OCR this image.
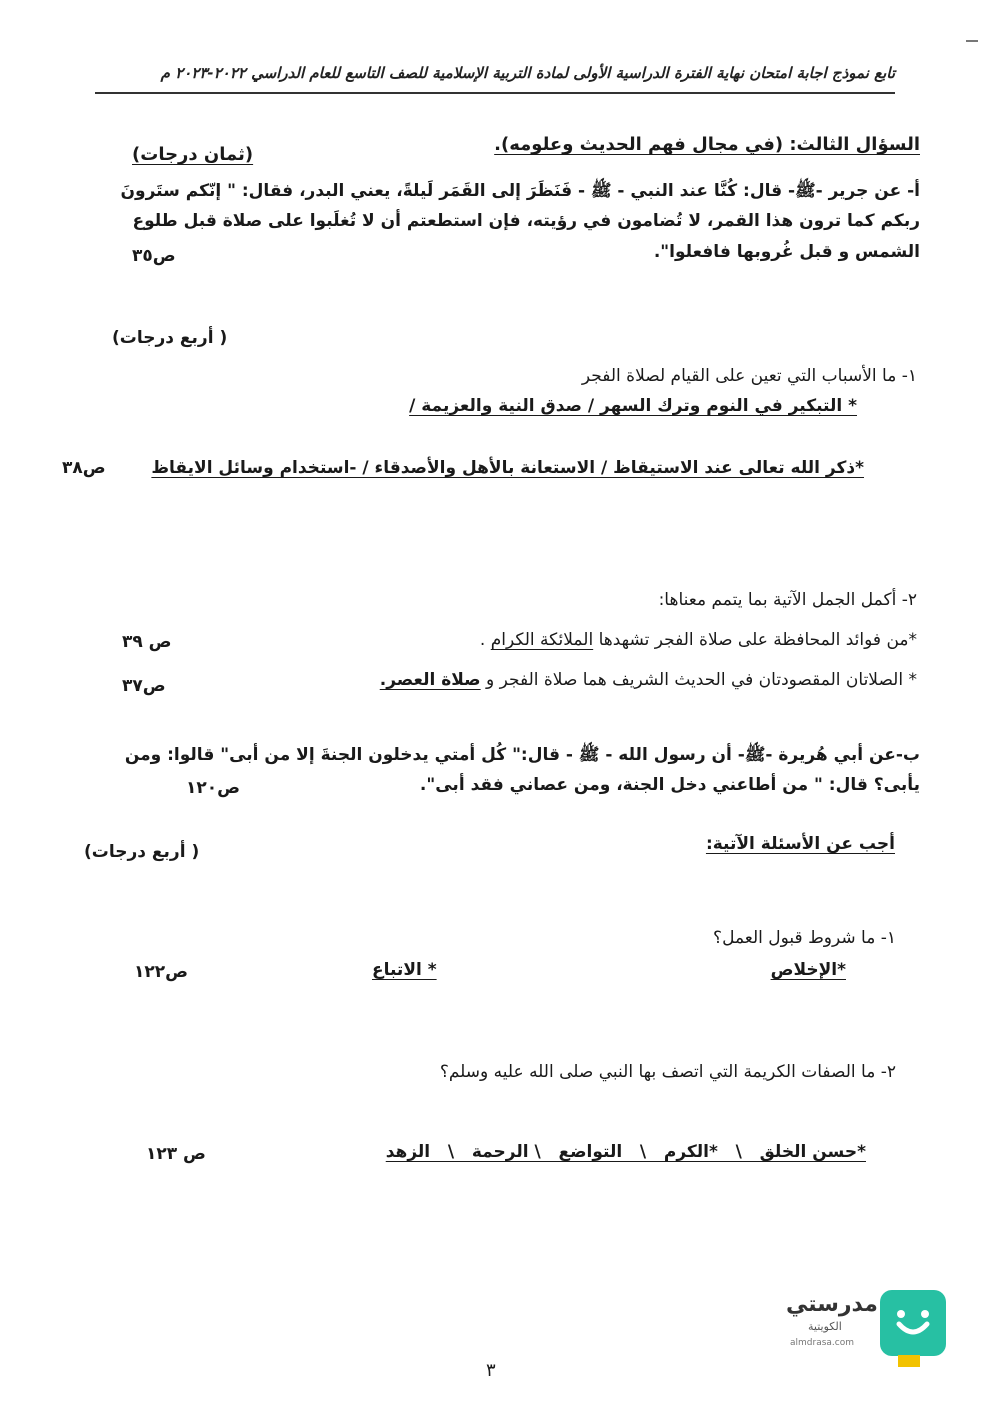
تابع نموذج اجابة امتحان نهاية الفترة الدراسية الأولى لمادة التربية الإسلامية للصف التاسع للعام الدراسي ٢٠٢٢-٢٠٢٣ م
السؤال الثالث: (في مجال فهم الحديث وعلومه).
(ثمان درجات)
أ- عن جرير -ﷺ- قال: كُنَّا عند النبي - ﷺ - فَنَظَرَ إلى القَمَر لَيلةً، يعني البدر، فقال: " إنّكم ستَرونَ
ربكم كما ترون هذا القمر، لا تُضامون في رؤيته، فإن استطعتم أن لا تُغلَبوا على صلاة قبل طلوع
الشمس و قبل غُروبها فافعلوا".
ص٣٥
( أربع درجات)
١- ما الأسباب التي تعين على القيام لصلاة الفجر
* التبكير في النوم وترك السهر / صدق النية والعزيمة /
*ذكر الله تعالى عند الاستيقاظ / الاستعانة بالأهل والأصدقاء / -استخدام وسائل الايقاظ
ص٣٨
٢- أكمل الجمل الآتية بما يتمم معناها:
*من فوائد المحافظة على صلاة الفجر تشهدها الملائكة الكرام .
ص ٣٩
* الصلاتان المقصودتان في الحديث الشريف هما صلاة الفجر و صلاة العصر.
ص٣٧
ب-عن أبي هُريرة -ﷺ- أن رسول الله - ﷺ - قال:" كُل أمتي يدخلون الجنةَ إلا من أبى" قالوا: ومن
يأبى؟ قال: " من أطاعني دخل الجنة، ومن عصاني فقد أبى".
ص١٢٠
أجب عن الأسئلة الآتية:
( أربع درجات)
١- ما شروط قبول العمل؟
*الإخلاص
* الاتباع
ص١٢٢
٢- ما الصفات الكريمة التي اتصف بها النبي صلى الله عليه وسلم؟
*حسن الخلق   \   *الكرم   \   التواضع   \ الرحمة   \   الزهد
ص ١٢٣
٣
مدرستي
الكويتية
almdrasa.com
